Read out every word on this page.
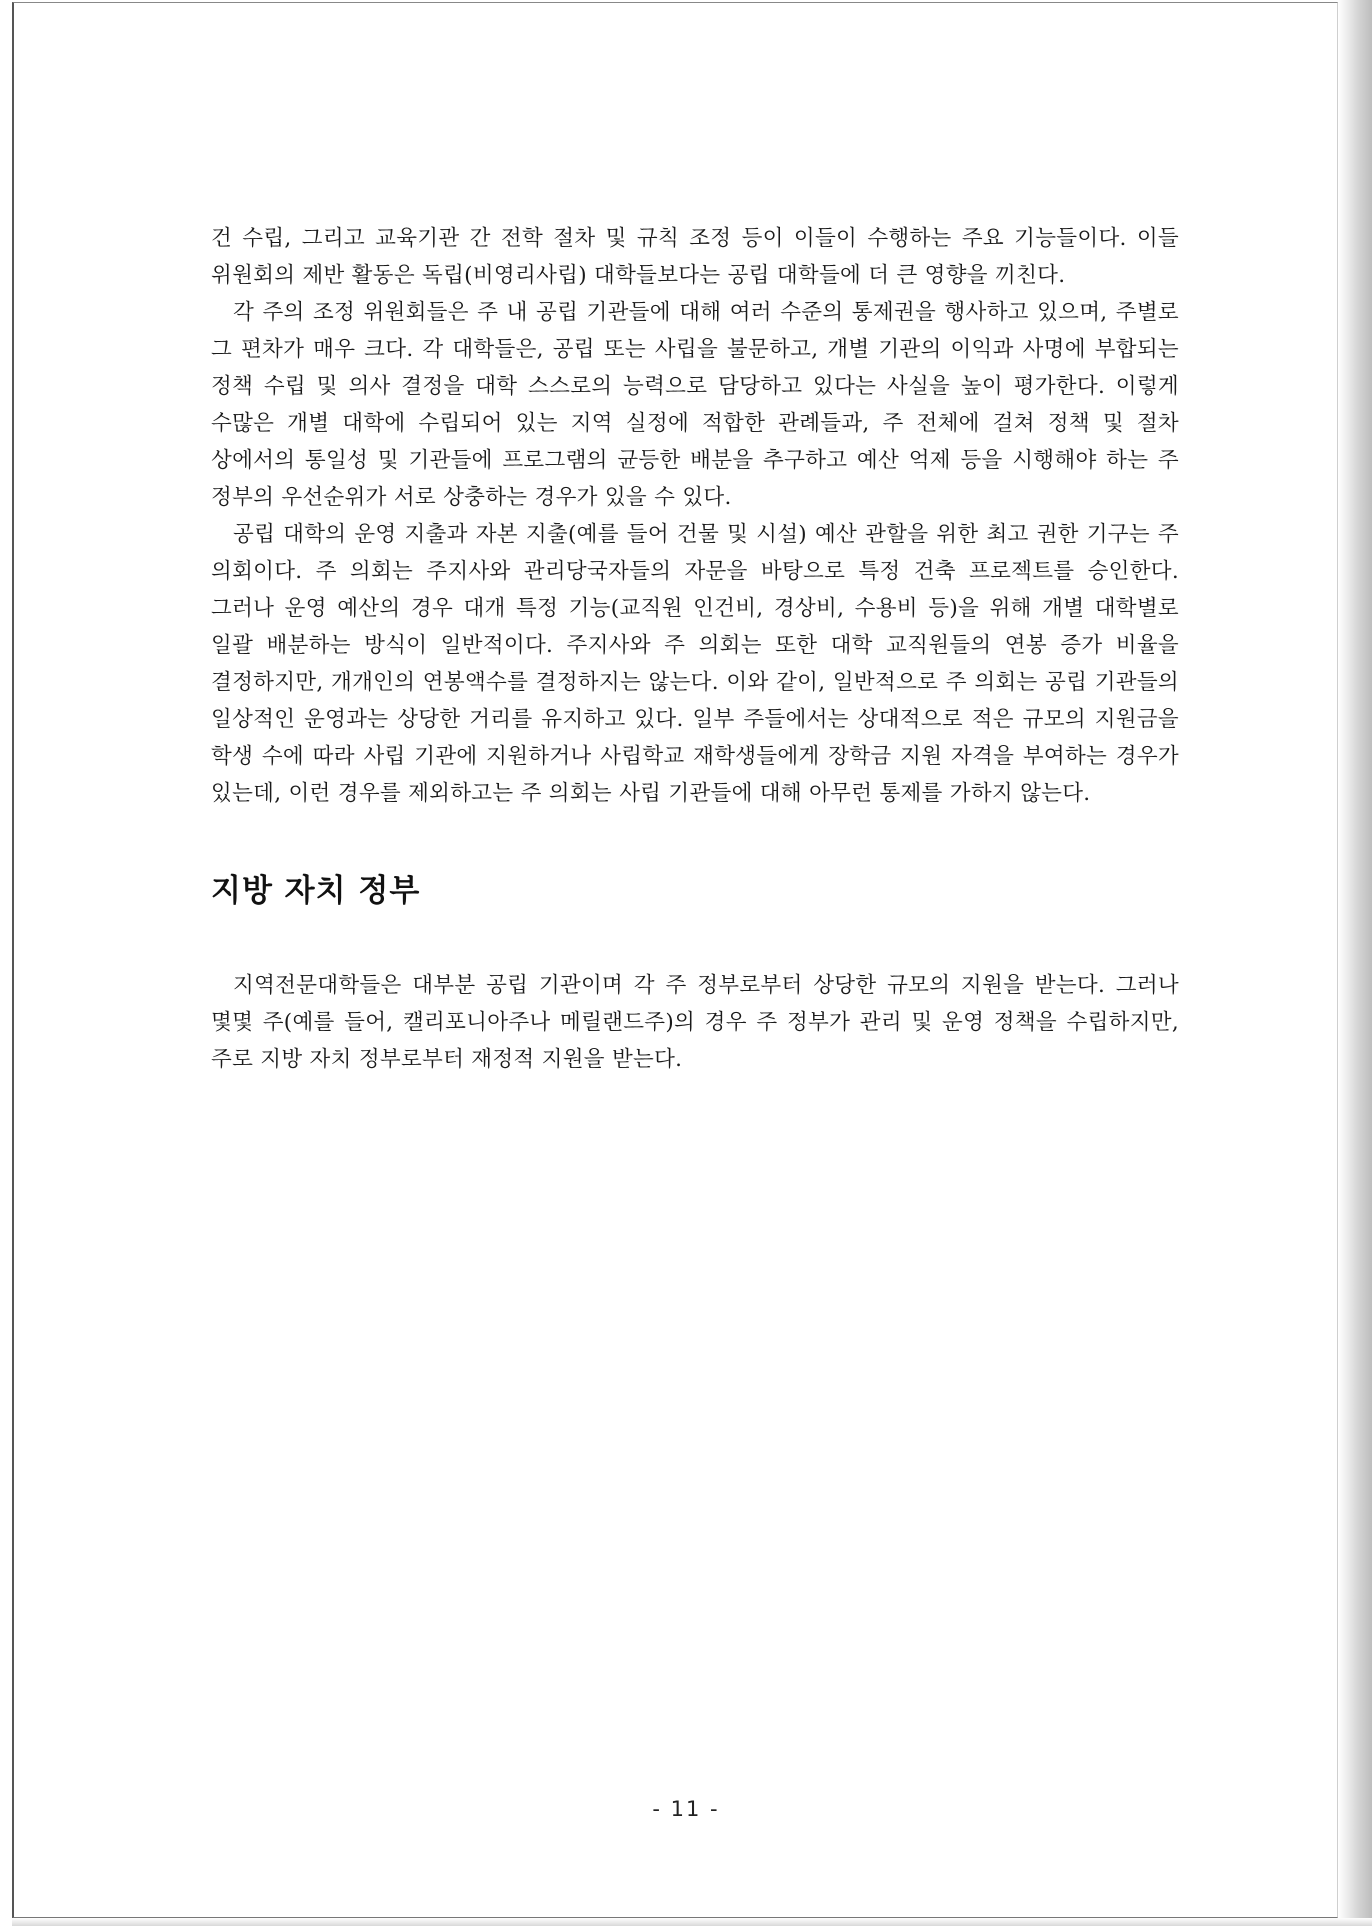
건 수립, 그리고 교육기관 간 전학 절차 및 규칙 조정 등이 이들이 수행하는 주요 기능들이다. 이들 위원회의 제반 활동은 독립(비영리사립) 대학들보다는 공립 대학들에 더 큰 영향을 끼친다.

각 주의 조정 위원회들은 주 내 공립 기관들에 대해 여러 수준의 통제권을 행사하고 있으며, 주별로 그 편차가 매우 크다. 각 대학들은, 공립 또는 사립을 불문하고, 개별 기관의 이익과 사명에 부합되는 정책 수립 및 의사 결정을 대학 스스로의 능력으로 담당하고 있다는 사실을 높이 평가한다. 이렇게 수많은 개별 대학에 수립되어 있는 지역 실정에 적합한 관례들과, 주 전체에 걸쳐 정책 및 절차 상에서의 통일성 및 기관들에 프로그램의 균등한 배분을 추구하고 예산 억제 등을 시행해야 하는 주 정부의 우선순위가 서로 상충하는 경우가 있을 수 있다.

공립 대학의 운영 지출과 자본 지출(예를 들어 건물 및 시설) 예산 관할을 위한 최고 권한 기구는 주 의회이다. 주 의회는 주지사와 관리당국자들의 자문을 바탕으로 특정 건축 프로젝트를 승인한다. 그러나 운영 예산의 경우 대개 특정 기능(교직원 인건비, 경상비, 수용비 등)을 위해 개별 대학별로 일괄 배분하는 방식이 일반적이다. 주지사와 주 의회는 또한 대학 교직원들의 연봉 증가 비율을 결정하지만, 개개인의 연봉액수를 결정하지는 않는다. 이와 같이, 일반적으로 주 의회는 공립 기관들의 일상적인 운영과는 상당한 거리를 유지하고 있다. 일부 주들에서는 상대적으로 적은 규모의 지원금을 학생 수에 따라 사립 기관에 지원하거나 사립학교 재학생들에게 장학금 지원 자격을 부여하는 경우가 있는데, 이런 경우를 제외하고는 주 의회는 사립 기관들에 대해 아무런 통제를 가하지 않는다.

지방 자치 정부

지역전문대학들은 대부분 공립 기관이며 각 주 정부로부터 상당한 규모의 지원을 받는다. 그러나 몇몇 주(예를 들어, 캘리포니아주나 메릴랜드주)의 경우 주 정부가 관리 및 운영 정책을 수립하지만, 주로 지방 자치 정부로부터 재정적 지원을 받는다.

- 11 -
